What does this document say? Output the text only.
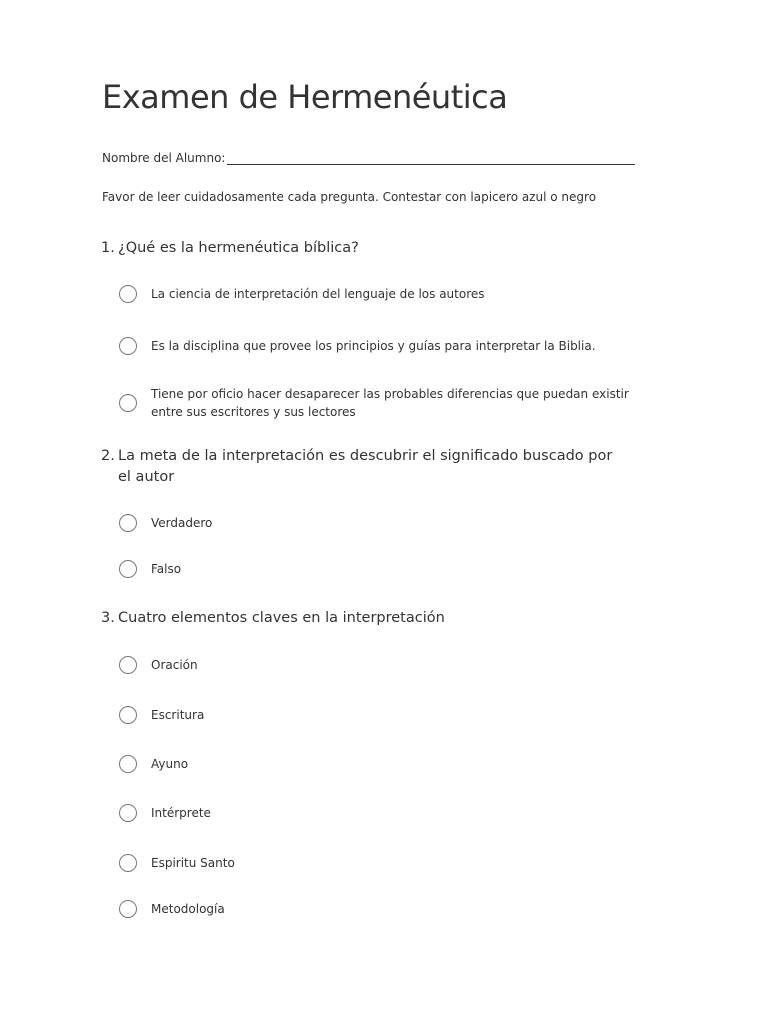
Examen de Hermenéutica
Nombre del Alumno:
Favor de leer cuidadosamente cada pregunta. Contestar con lapicero azul o negro
1. ¿Qué es la hermenéutica bíblica?
La ciencia de interpretación del lenguaje de los autores
Es la disciplina que provee los principios y guías para interpretar la Biblia.
Tiene por oficio hacer desaparecer las probables diferencias que puedan existir entre sus escritores y sus lectores
2. La meta de la interpretación es descubrir el significado buscado por el autor
Verdadero
Falso
3. Cuatro elementos claves en la interpretación
Oración
Escritura
Ayuno
Intérprete
Espiritu Santo
Metodología
